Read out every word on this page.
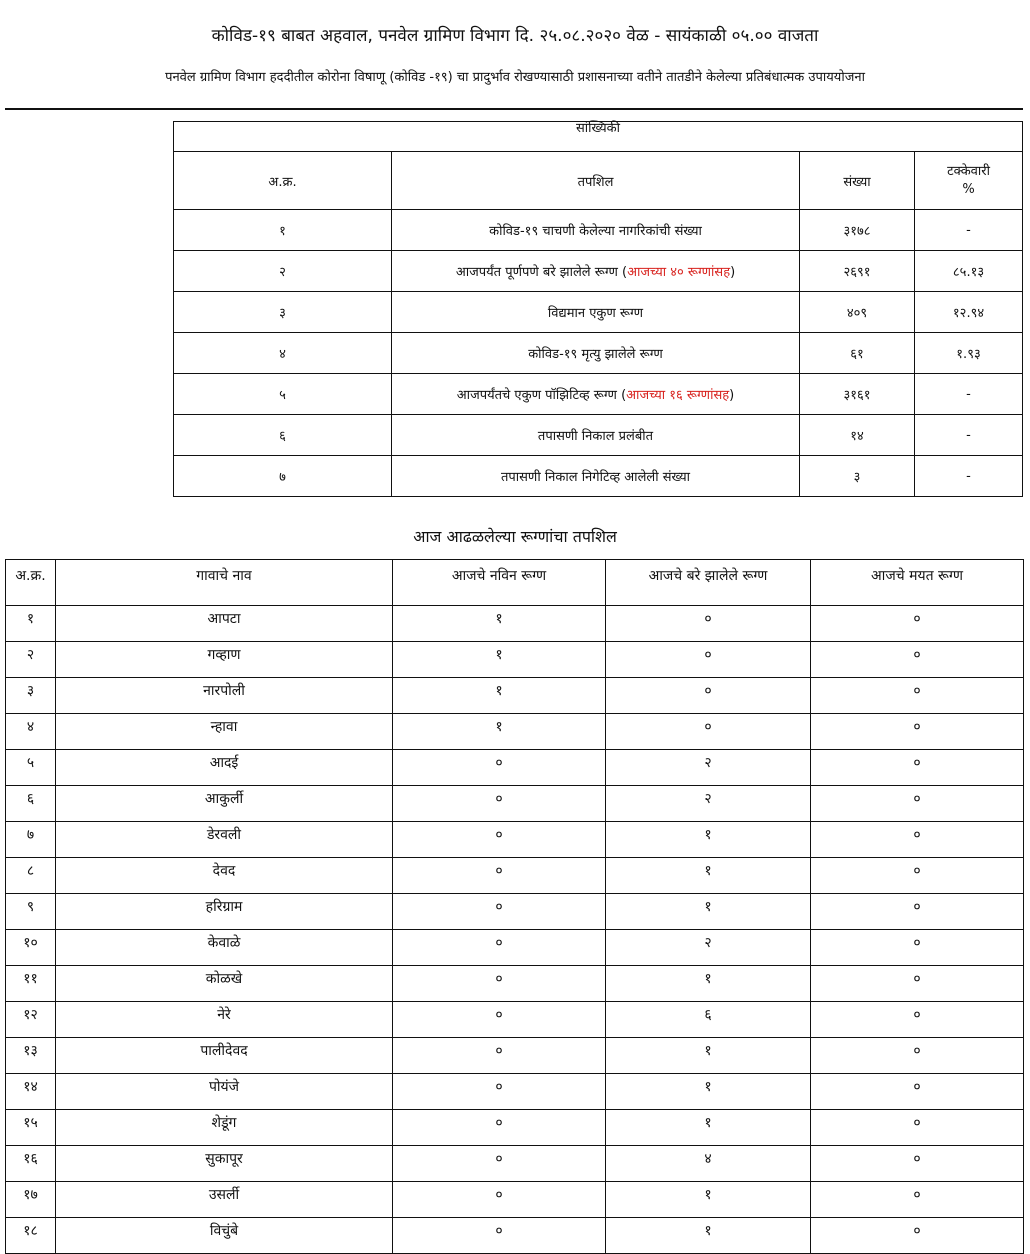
कोविड-१९ बाबत अहवाल, पनवेल ग्रामिण विभाग दि. २५.०८.२०२० वेळ - सायंकाळी ०५.०० वाजता
पनवेल ग्रामिण विभाग हददीतील कोरोना विषाणू (कोविड -१९) चा प्रादुर्भाव रोखण्यासाठी प्रशासनाच्या वतीने तातडीने केलेल्या प्रतिबंधात्मक उपाययोजना
सांख्यिकी			
अ.क्र.	तपशिल	संख्या	टक्केवारी
%

१	कोविड-१९ चाचणी केलेल्या नागरिकांची संख्या	३१७८	-
२	आजपर्यंत पूर्णपणे बरे झालेले रूग्ण (आजच्या ४० रूग्णांसह)	२६९१	८५.१३
३	विद्यमान एकुण रूग्ण	४०९	१२.९४
४	कोविड-१९ मृत्यु झालेले रूग्ण	६१	१.९३
५	आजपर्यंतचे एकुण पॉझिटिव्ह रूग्ण (आजच्या १६ रूग्णांसह)	३१६१	-
६	तपासणी निकाल प्रलंबीत	१४	-
७	तपासणी निकाल निगेटिव्ह आलेली संख्या	३	-
आज आढळलेल्या रूग्णांचा तपशिल
अ.क्र.	गावाचे नाव	आजचे नविन रूग्ण	आजचे बरे झालेले रूग्ण	आजचे मयत रूग्ण
१	आपटा	१	०	०
२	गव्हाण	१	०	०
३	नारपोली	१	०	०
४	न्हावा	१	०	०
५	आदई	०	२	०
६	आकुर्ली	०	२	०
७	डेरवली	०	१	०
८	देवद	०	१	०
९	हरिग्राम	०	१	०
१०	केवाळे	०	२	०
११	कोळखे	०	१	०
१२	नेरे	०	६	०
१३	पालीदेवद	०	१	०
१४	पोयंजे	०	१	०
१५	शेडूंग	०	१	०
१६	सुकापूर	०	४	०
१७	उसर्ली	०	१	०
१८	विचुंबे	०	१	०
